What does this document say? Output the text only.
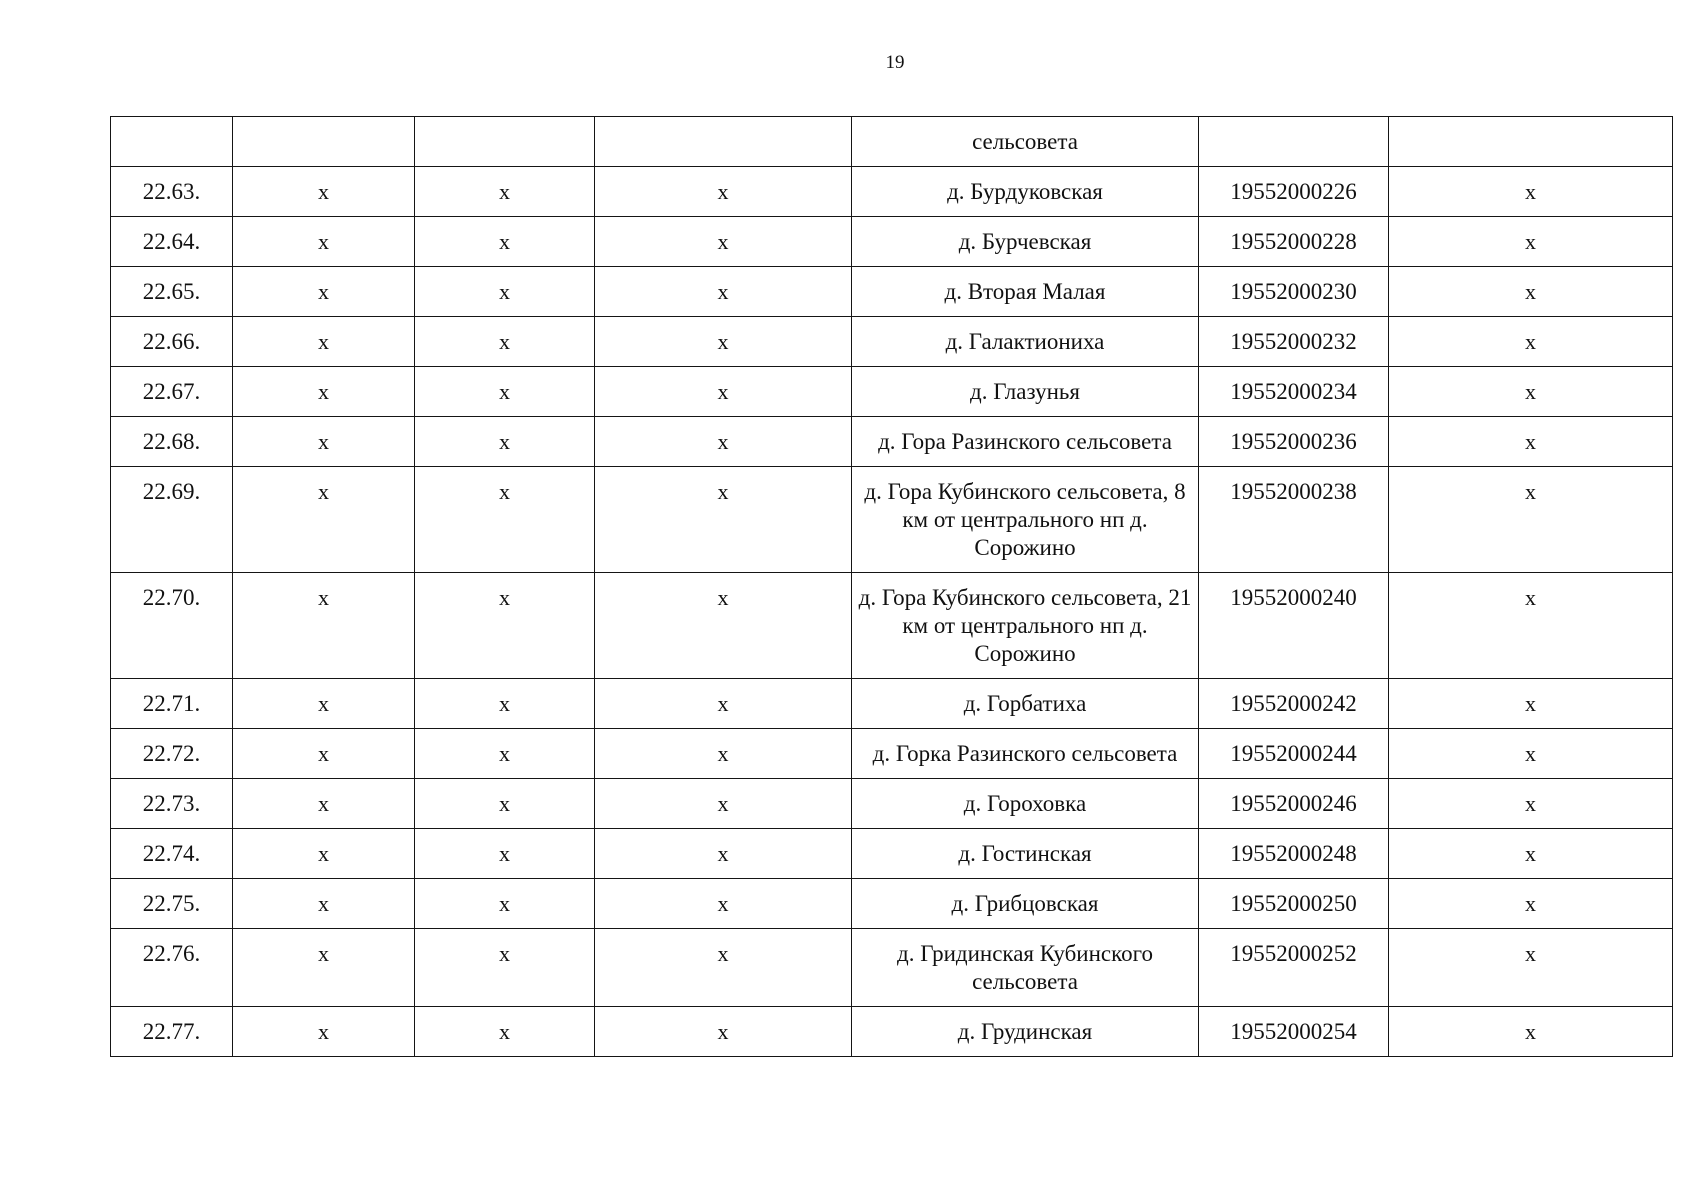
19
				сельсовета		
22.63.	х	х	х	д. Бурдуковская	19552000226	х
22.64.	х	х	х	д. Бурчевская	19552000228	х
22.65.	х	х	х	д. Вторая Малая	19552000230	х
22.66.	х	х	х	д. Галактиониха	19552000232	х
22.67.	х	х	х	д. Глазунья	19552000234	х
22.68.	х	х	х	д. Гора Разинского сельсовета	19552000236	х
22.69.	х	х	х	д. Гора Кубинского сельсовета, 8 км от центрального нп д. Сорожино	19552000238	х
22.70.	х	х	х	д. Гора Кубинского сельсовета, 21 км от центрального нп д. Сорожино	19552000240	х
22.71.	х	х	х	д. Горбатиха	19552000242	х
22.72.	х	х	х	д. Горка Разинского сельсовета	19552000244	х
22.73.	х	х	х	д. Гороховка	19552000246	х
22.74.	х	х	х	д. Гостинская	19552000248	х
22.75.	х	х	х	д. Грибцовская	19552000250	х
22.76.	х	х	х	д. Гридинская Кубинского сельсовета	19552000252	х
22.77.	х	х	х	д. Грудинская	19552000254	х
